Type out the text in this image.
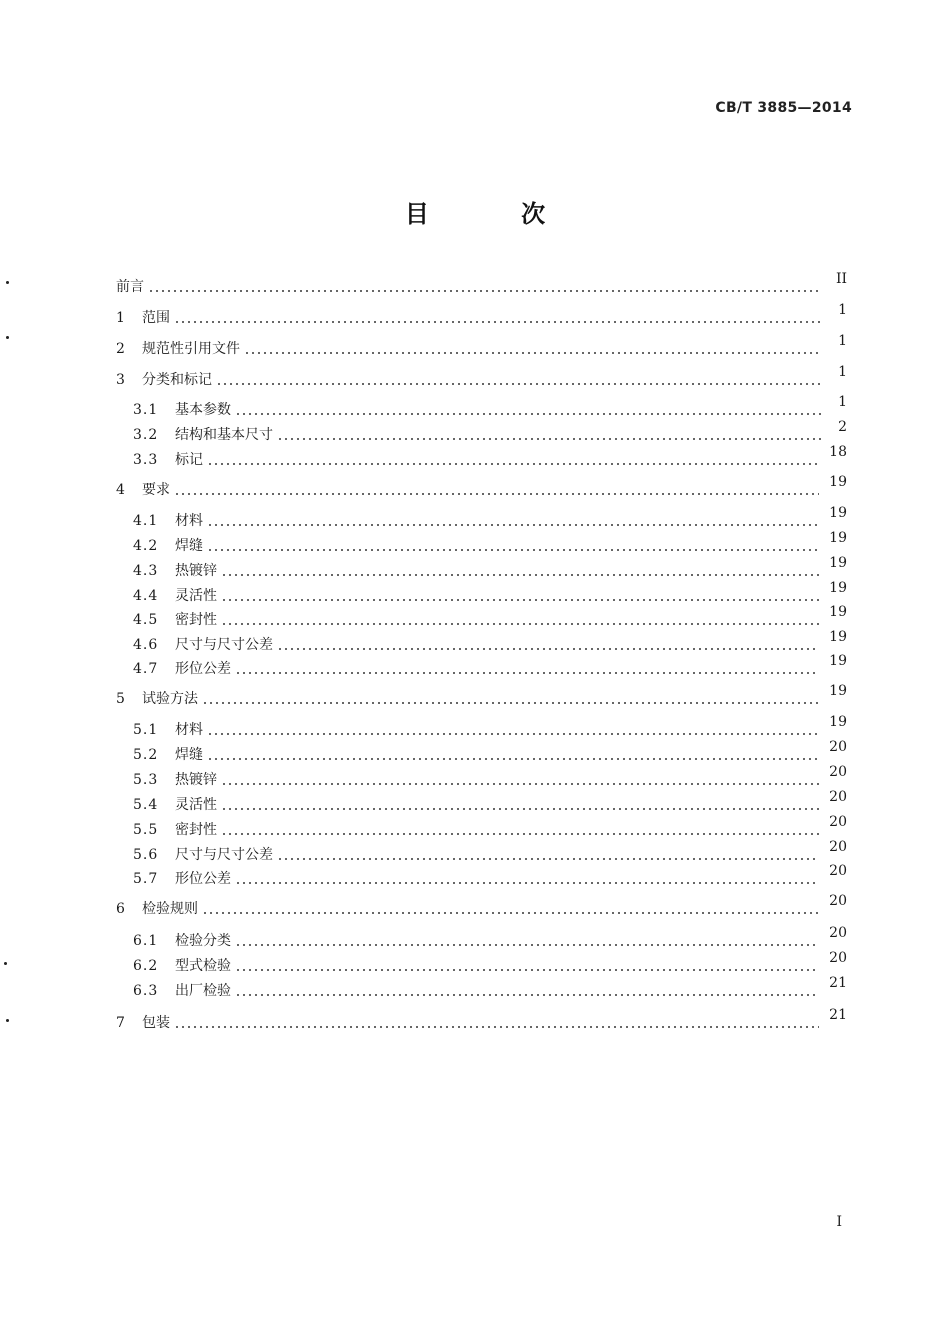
CB/T 3885—2014
目 次
前言	II
1	范围	1
2	规范性引用文件	1
3	分类和标记	1
3.1	基本参数	1
3.2	结构和基本尺寸	2
3.3	标记	18
4	要求	19
4.1	材料	19
4.2	焊缝	19
4.3	热镀锌	19
4.4	灵活性	19
4.5	密封性	19
4.6	尺寸与尺寸公差	19
4.7	形位公差	19
5	试验方法	19
5.1	材料	19
5.2	焊缝	20
5.3	热镀锌	20
5.4	灵活性	20
5.5	密封性	20
5.6	尺寸与尺寸公差	20
5.7	形位公差	20
6	检验规则	20
6.1	检验分类	20
6.2	型式检验	20
6.3	出厂检验	21
7	包装	21
I
